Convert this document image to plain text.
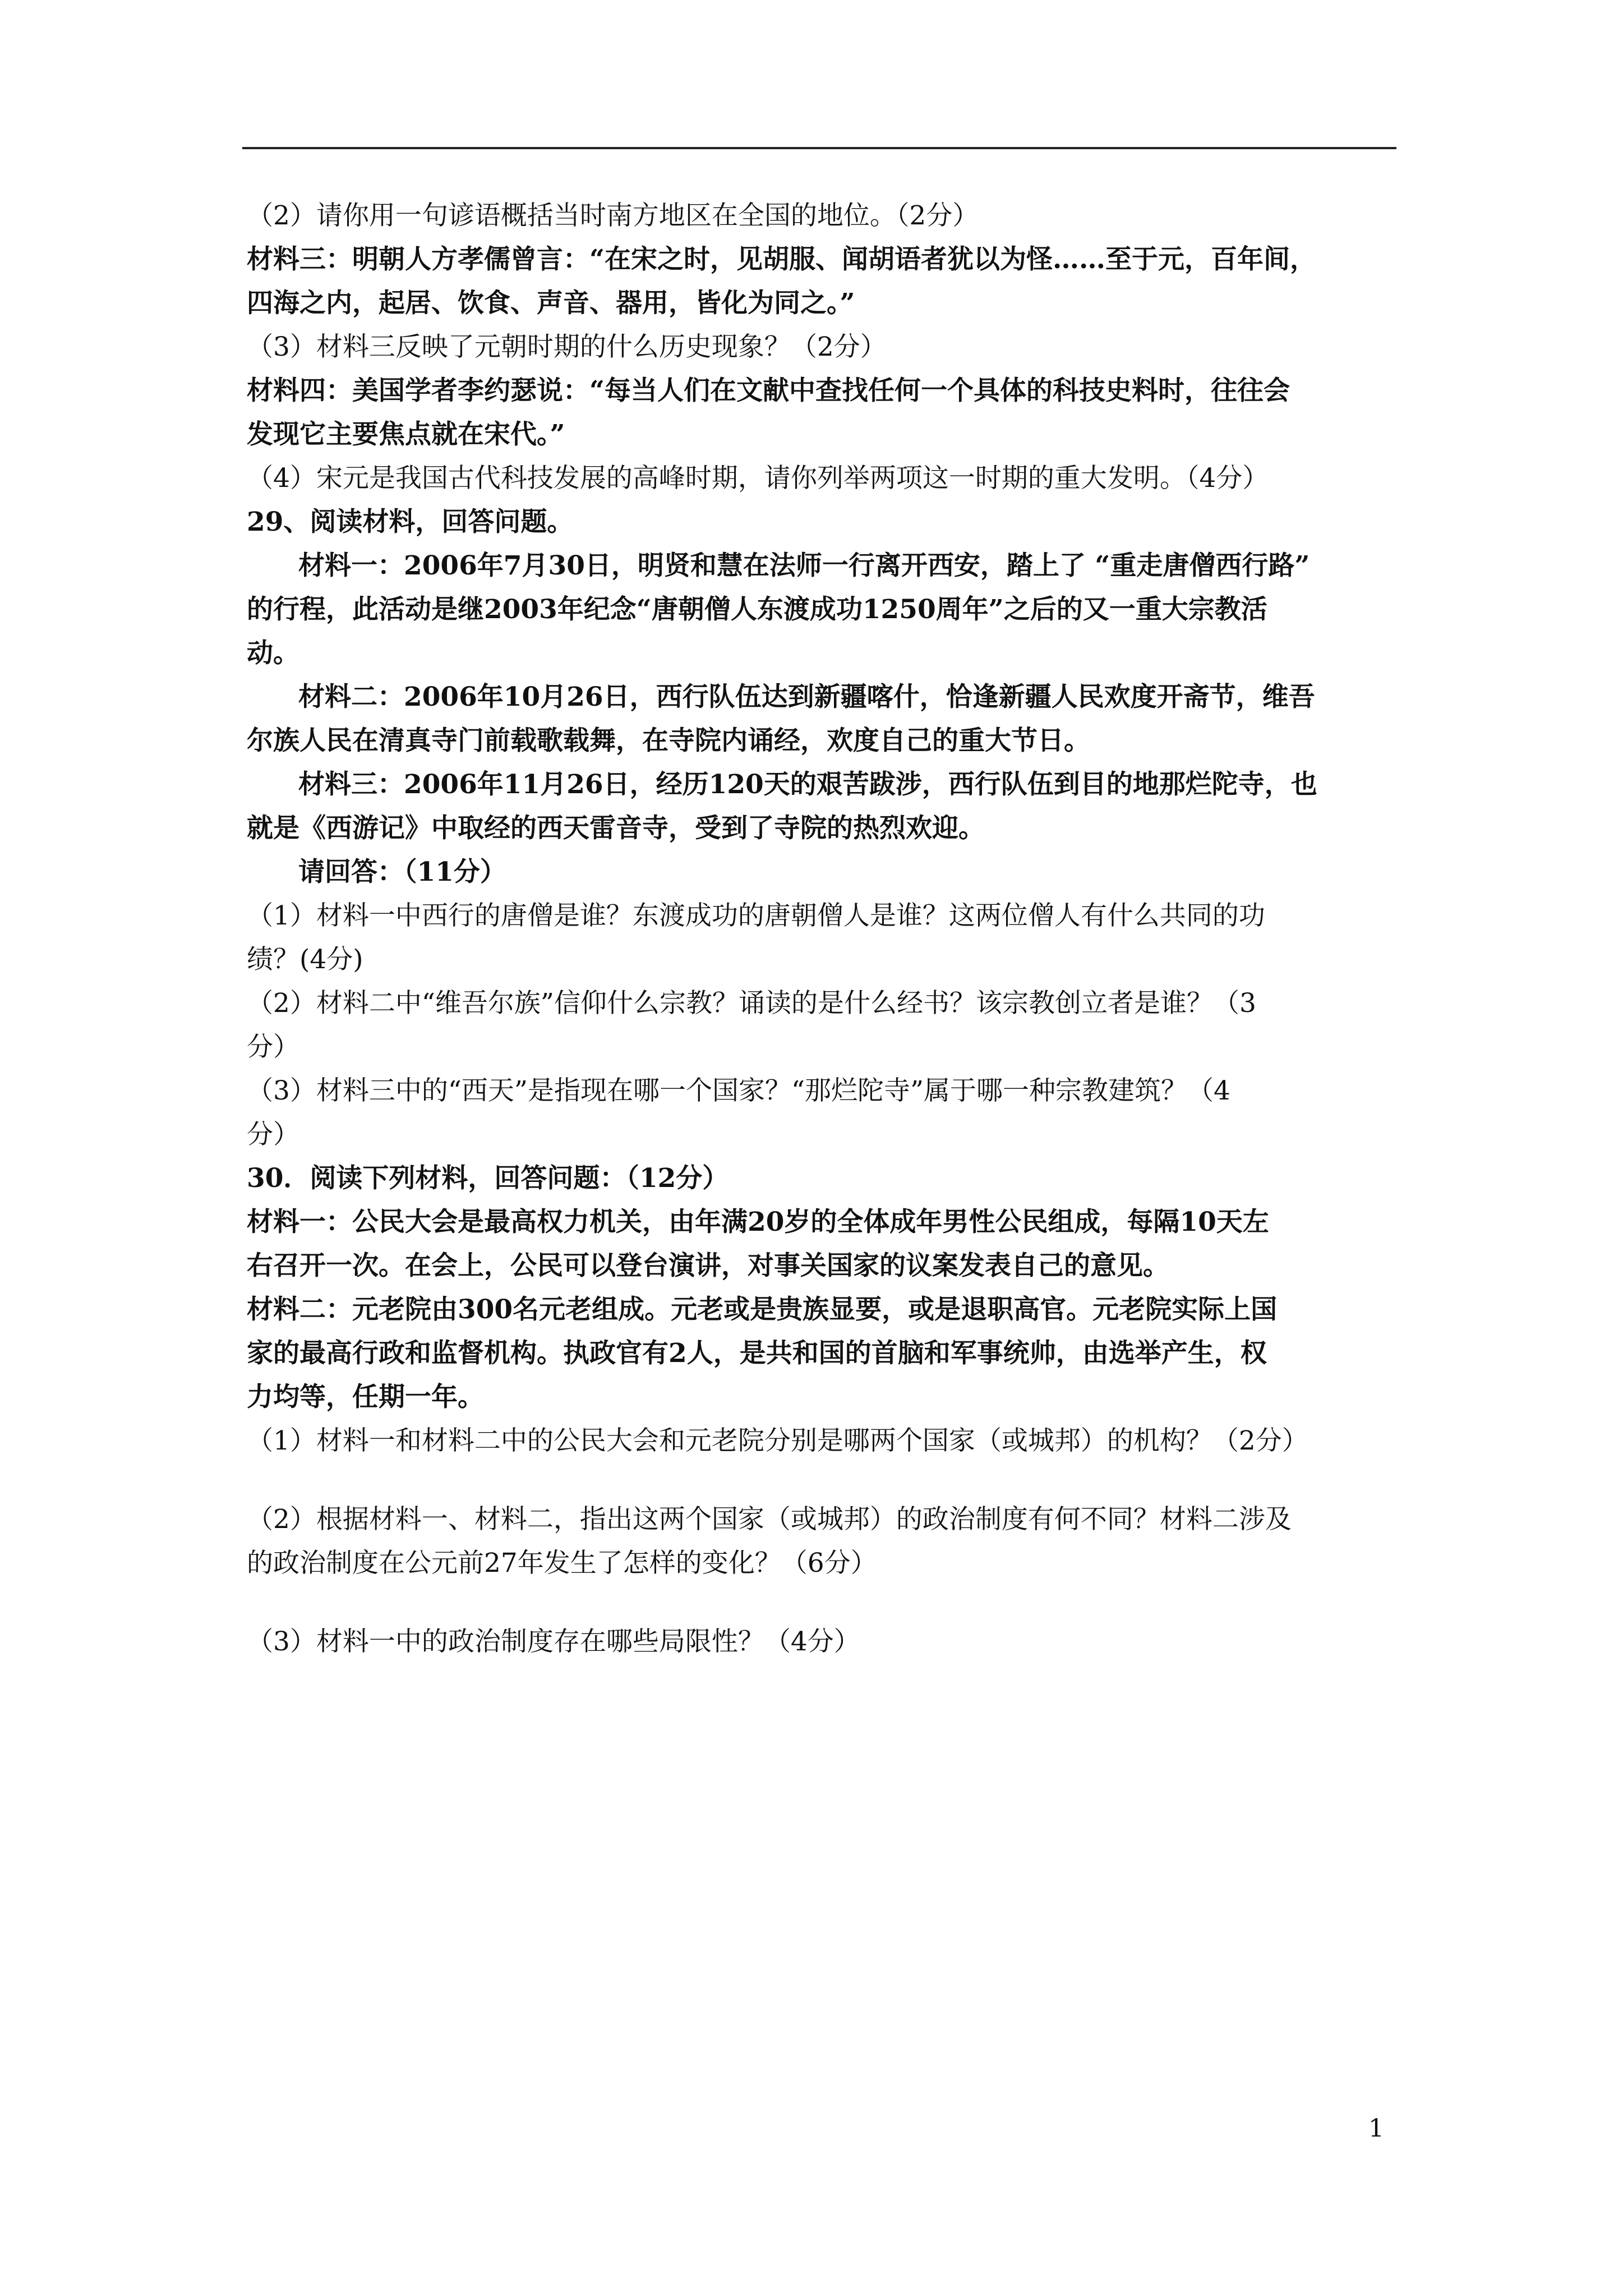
（2）请你用一句谚语概括当时南方地区在全国的地位。（2分）

材料三：明朝人方孝儒曾言：“在宋之时，见胡服、闻胡语者犹以为怪……至于元，百年间，

四海之内，起居、饮食、声音、器用，皆化为同之。”

（3）材料三反映了元朝时期的什么历史现象？（2分）

材料四：美国学者李约瑟说：“每当人们在文献中查找任何一个具体的科技史料时，往往会

发现它主要焦点就在宋代。”

（4）宋元是我国古代科技发展的高峰时期，请你列举两项这一时期的重大发明。（4分）

29、阅读材料，回答问题。

材料一：2006年7月30日，明贤和慧在法师一行离开西安，踏上了 “重走唐僧西行路”

的行程，此活动是继2003年纪念“唐朝僧人东渡成功1250周年”之后的又一重大宗教活

动。

材料二：2006年10月26日，西行队伍达到新疆喀什，恰逢新疆人民欢度开斋节，维吾

尔族人民在清真寺门前载歌载舞，在寺院内诵经，欢度自己的重大节日。

材料三：2006年11月26日，经历120天的艰苦跋涉，西行队伍到目的地那烂陀寺，也

就是《西游记》中取经的西天雷音寺，受到了寺院的热烈欢迎。

请回答：（11分）

（1）材料一中西行的唐僧是谁？东渡成功的唐朝僧人是谁？这两位僧人有什么共同的功

绩？(4分)

（2）材料二中“维吾尔族”信仰什么宗教？诵读的是什么经书？该宗教创立者是谁？（3

分）

（3）材料三中的“西天”是指现在哪一个国家？“那烂陀寺”属于哪一种宗教建筑？（4

分）

30．阅读下列材料，回答问题：（12分）

材料一：公民大会是最高权力机关，由年满20岁的全体成年男性公民组成，每隔10天左

右召开一次。在会上，公民可以登台演讲，对事关国家的议案发表自己的意见。

材料二：元老院由300名元老组成。元老或是贵族显要，或是退职高官。元老院实际上国

家的最高行政和监督机构。执政官有2人，是共和国的首脑和军事统帅，由选举产生，权

力均等，任期一年。

（1）材料一和材料二中的公民大会和元老院分别是哪两个国家（或城邦）的机构？（2分）

（2）根据材料一、材料二，指出这两个国家（或城邦）的政治制度有何不同？材料二涉及

的政治制度在公元前27年发生了怎样的变化？（6分）

（3）材料一中的政治制度存在哪些局限性？（4分）

1
